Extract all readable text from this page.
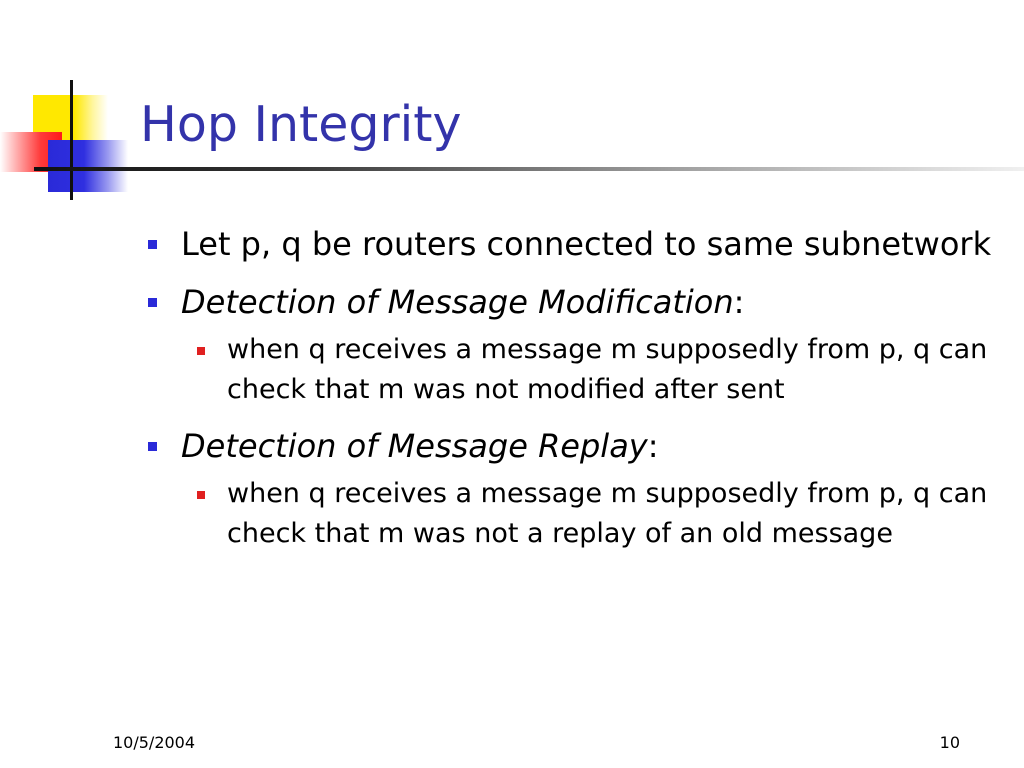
Hop Integrity
Let p, q be routers connected to same subnetwork
Detection of Message Modification:
when q receives a message m supposedly from p, q can check that m was not modified after sent
Detection of Message Replay:
when q receives a message m supposedly from p, q can check that m was not a replay of an old message
10/5/2004	10
